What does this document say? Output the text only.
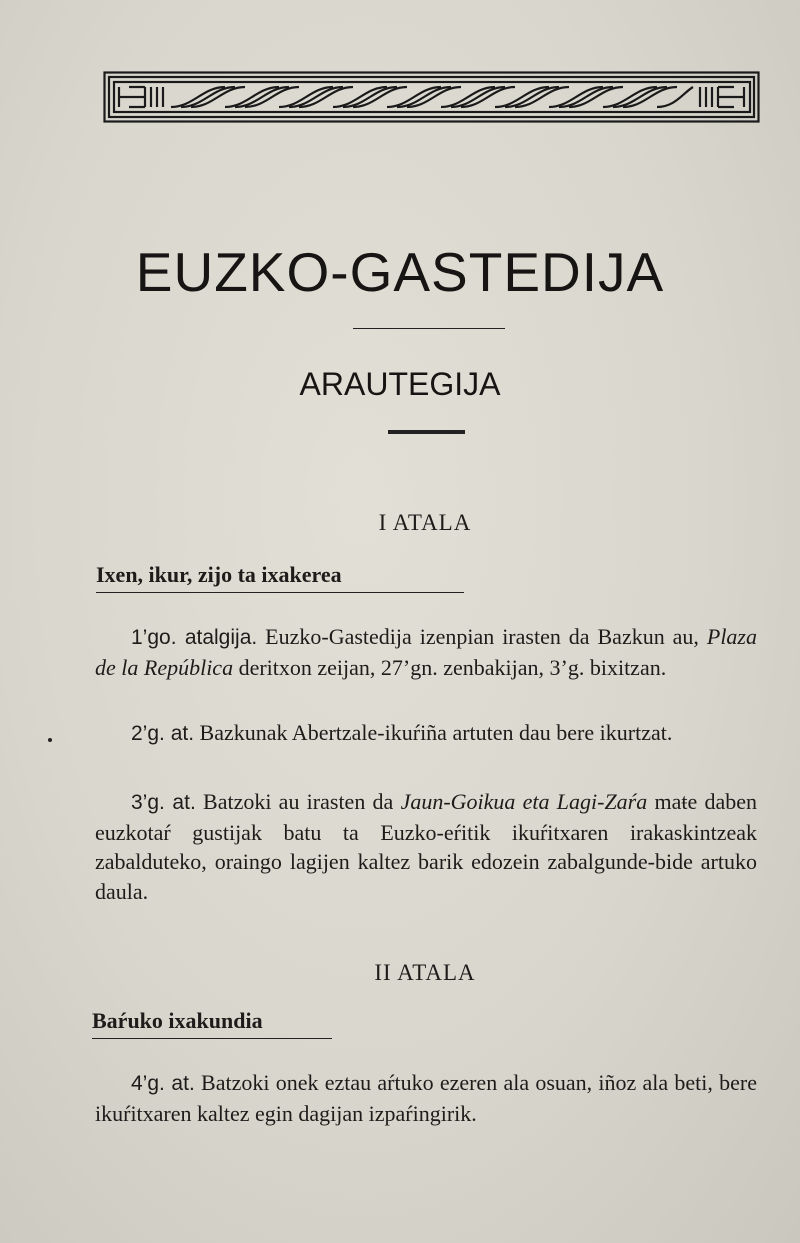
EUZKO-GASTEDIJA
ARAUTEGIJA
I ATALA
Ixen, ikur, zijo ta ixakerea

1’go. atalgija. Euzko-Gastedija izenpian irasten da Bazkun au, Plaza de la República deritxon zeijan, 27’gn. zenbakijan, 3’g. bixitzan.

2’g. at. Bazkunak Abertzale-ikuŕiña artuten dau bere ikurtzat.

3’g. at. Batzoki au irasten da Jaun-Goikua eta Lagi-Zaŕa maŧe daben euzkotaŕ gustijak batu ta Euzko-eŕitik ikuŕitxaren irakaskintzeak zabalduteko, oraingo lagijen kaltez barik edozein zabalgunde-bide artuko daula.

II ATALA
Baŕuko ixakundia

4’g. at. Batzoki onek eztau aŕtuko ezeren ala osuan, iñoz ala beti, bere ikuŕitxaren kaltez egin dagijan izpaŕingirik.
